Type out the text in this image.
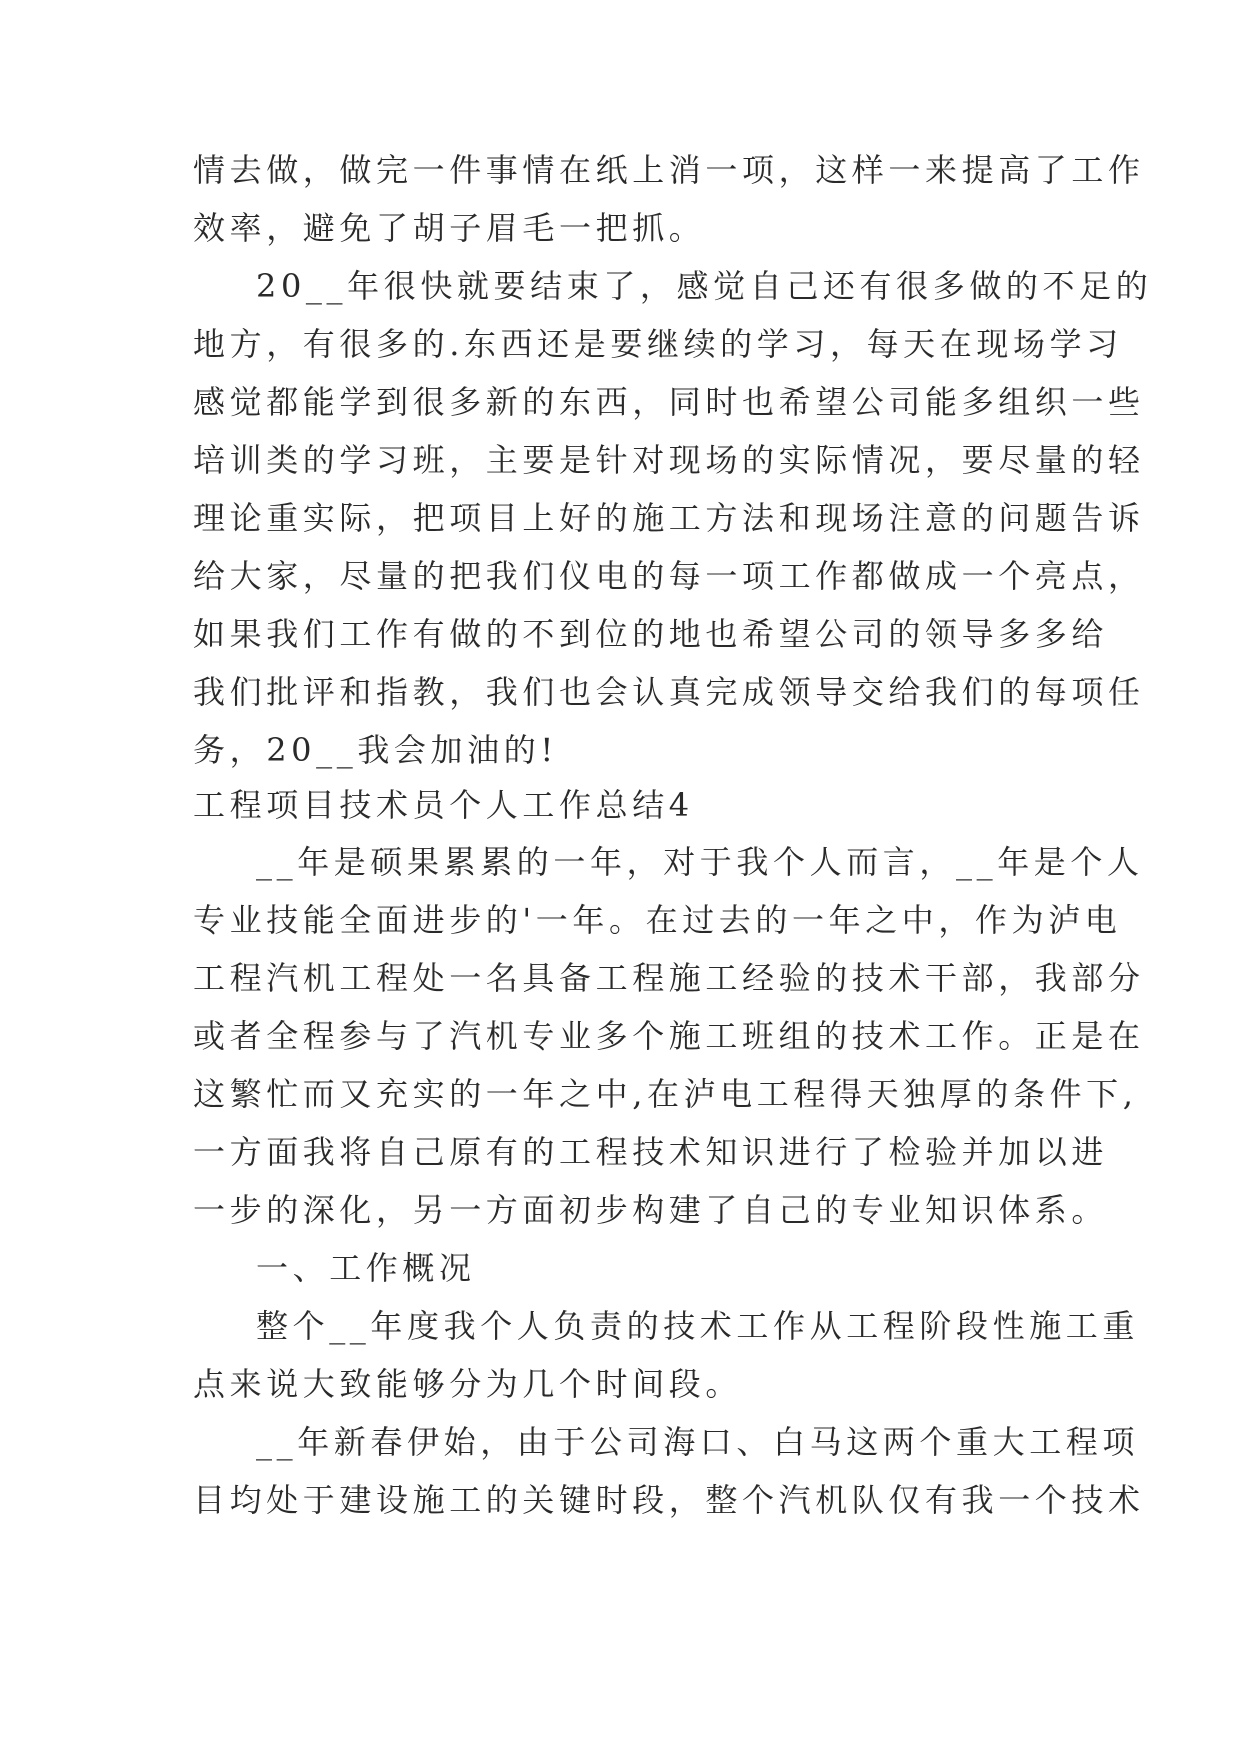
情去做，做完一件事情在纸上消一项，这样一来提高了工作
效率，避免了胡子眉毛一把抓。
20__年很快就要结束了，感觉自己还有很多做的不足的
地方，有很多的.东西还是要继续的学习，每天在现场学习
感觉都能学到很多新的东西，同时也希望公司能多组织一些
培训类的学习班，主要是针对现场的实际情况，要尽量的轻
理论重实际，把项目上好的施工方法和现场注意的问题告诉
给大家，尽量的把我们仪电的每一项工作都做成一个亮点，
如果我们工作有做的不到位的地也希望公司的领导多多给
我们批评和指教，我们也会认真完成领导交给我们的每项任
务，20__我会加油的!
工程项目技术员个人工作总结4
__年是硕果累累的一年，对于我个人而言，__年是个人
专业技能全面进步的'一年。在过去的一年之中，作为泸电
工程汽机工程处一名具备工程施工经验的技术干部，我部分
或者全程参与了汽机专业多个施工班组的技术工作。正是在
这繁忙而又充实的一年之中,在泸电工程得天独厚的条件下,
一方面我将自己原有的工程技术知识进行了检验并加以进
一步的深化，另一方面初步构建了自己的专业知识体系。
一、工作概况
整个__年度我个人负责的技术工作从工程阶段性施工重
点来说大致能够分为几个时间段。
__年新春伊始，由于公司海口、白马这两个重大工程项
目均处于建设施工的关键时段，整个汽机队仅有我一个技术
